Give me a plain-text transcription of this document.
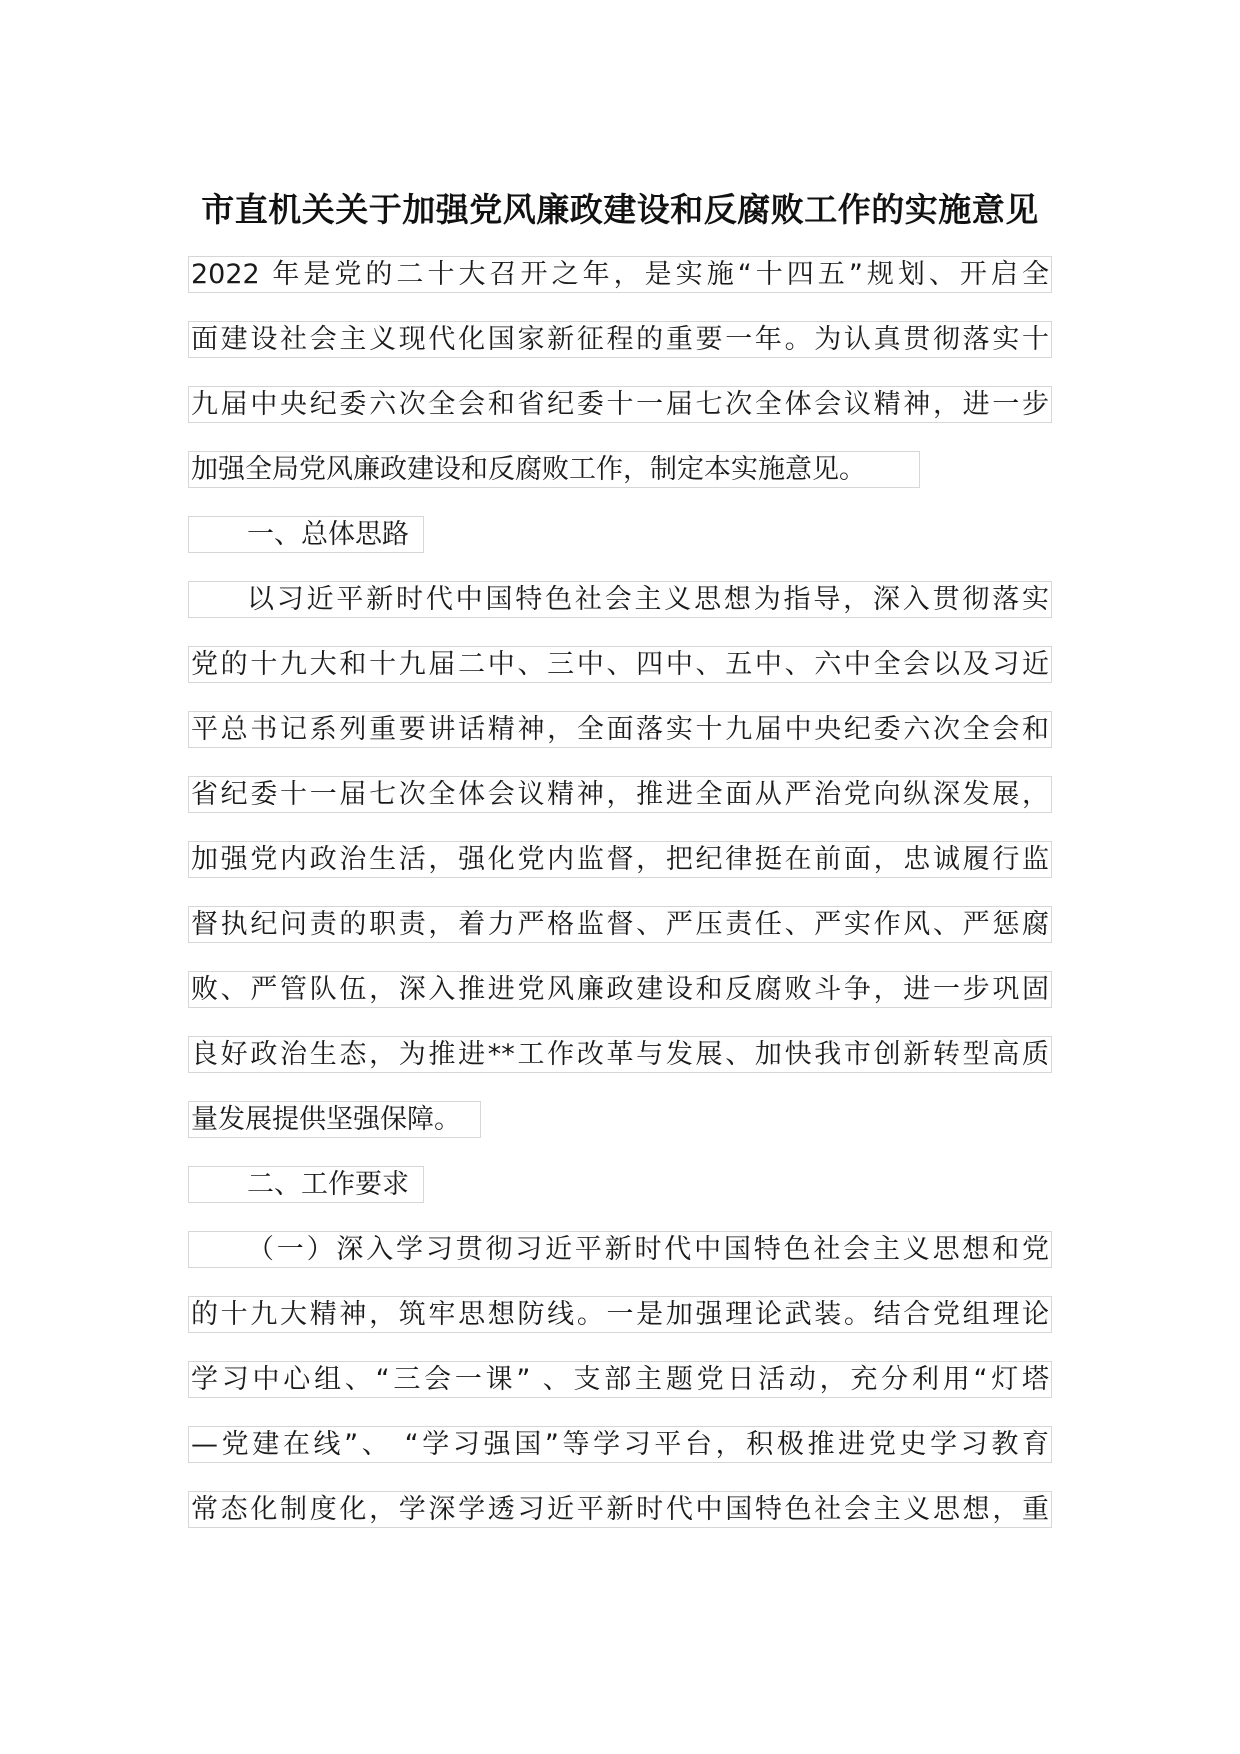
市直机关关于加强党风廉政建设和反腐败工作的实施意见
2022 年是党的二十大召开之年，是实施“十四五”规划、开启全
面建设社会主义现代化国家新征程的重要一年。为认真贯彻落实十
九届中央纪委六次全会和省纪委十一届七次全体会议精神，进一步
加强全局党风廉政建设和反腐败工作，制定本实施意见。
一、总体思路
以习近平新时代中国特色社会主义思想为指导，深入贯彻落实
党的十九大和十九届二中、三中、四中、五中、六中全会以及习近
平总书记系列重要讲话精神，全面落实十九届中央纪委六次全会和
省纪委十一届七次全体会议精神，推进全面从严治党向纵深发展，
加强党内政治生活，强化党内监督，把纪律挺在前面，忠诚履行监
督执纪问责的职责，着力严格监督、严压责任、严实作风、严惩腐
败、严管队伍，深入推进党风廉政建设和反腐败斗争，进一步巩固
良好政治生态，为推进**工作改革与发展、加快我市创新转型高质
量发展提供坚强保障。
二、工作要求
（一）深入学习贯彻习近平新时代中国特色社会主义思想和党
的十九大精神，筑牢思想防线。一是加强理论武装。结合党组理论
学习中心组、“三会一课” 、支部主题党日活动，充分利用“灯塔
—党建在线”、 “学习强国”等学习平台，积极推进党史学习教育
常态化制度化，学深学透习近平新时代中国特色社会主义思想，重
